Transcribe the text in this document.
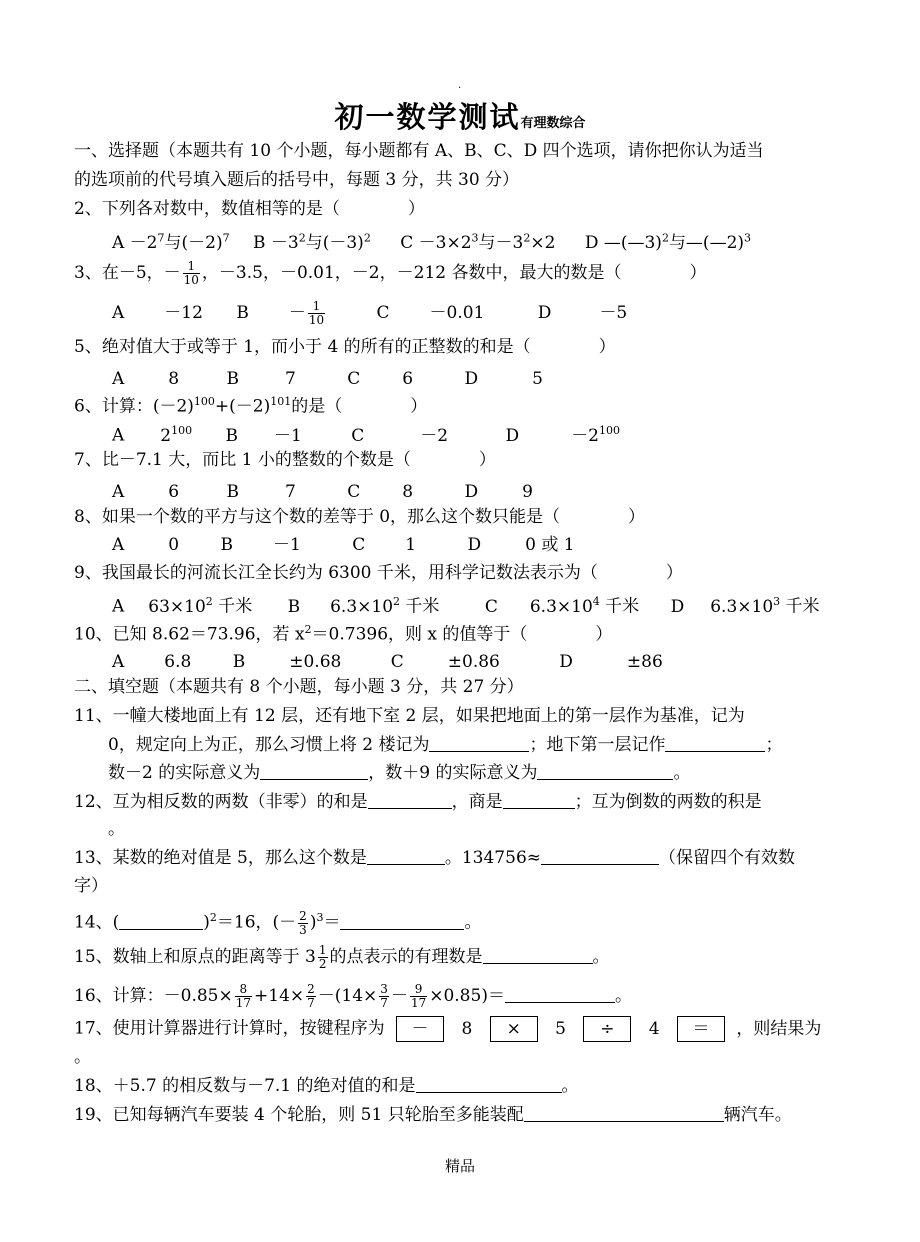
.
初一数学测试有理数综合
一、选择题（本题共有 10 个小题，每小题都有 A、B、C、D 四个选项，请你把你认为适当
的选项前的代号填入题后的括号中，每题 3 分，共 30 分）
2、下列各对数中，数值相等的是（　　　　）
$A -2^7$与$(-2)^7$ $B -3^2$与$(-3)^2$ $C -3\times 2^3$与$-3^2\times 2$ D —(—3)$^2$与—(—2)$^3$
3、在－5，－ $\frac{1}{10}$ ，－3.5，－0.01，－2，－212 各数中，最大的数是（　　　　）
A －12 $B - \frac{1}{10}$	C －0.01	D	－5
5、绝对值大于或等于 1，而小于 4 的所有的正整数的和是（　　　　）
A	8	B	7	C 6	D	5
6、计算：$(-2)^{100}+(-2)^{101}$的是（　　　　）
A $2^{100}$ B －1	C	－2	D	$-2^{100}$
7、比－7.1 大，而比 1 小的整数的个数是（　　　　）
A	6	B	7	C 8	D	9
8、如果一个数的平方与这个数的差等于 0，那么这个数只能是（　　　　）
A	0 B －1	C 1	D	0 或 1
9、我国最长的河流长江全长约为 6300 千米，用科学记数法表示为（　　　　）
A $63\times 10^2$ 千米 B $6.3\times 10^2$ 千米	C $6.3\times 10^4$ 千米 D $6.3\times 10^3$ 千米
10、已知 8.62＝73.96，若 $x^2=0.7396$，则 x 的值等于（　　　　）
A 6.8 B	±0.68	C	±0.86	D	±86
二、填空题（本题共有 8 个小题，每小题 3 分，共 27 分）
11、一幢大楼地面上有 12 层，还有地下室 2 层，如果把地面上的第一层作为基准，记为
0，规定向上为正，那么习惯上将 2 楼记为	；地下第一层记作	；
数－2 的实际意义为	，数＋9 的实际意义为	。
12、互为相反数的两数（非零）的和是	，商是	；互为倒数的两数的积是
。
13、某数的绝对值是 5，那么这个数是	。134756≈	（保留四个有效数
字）
14、(	)$^2$＝16，(－ $\frac{2}{3} )^3=$	。
15、数轴上和原点的距离等于 $3 \frac{1}{2}$ 的点表示的有理数是	。
16、计算：$-0.85\times \frac{8}{17} +14\times \frac{2}{7} -(14\times \frac{3}{7} - \frac{9}{17} \times 0.85)=$	。
17、使用计算器进行计算时，按键程序为 － 8 × 5 ÷ 4 ＝ ，则结果为
。
18、＋5.7 的相反数与－7.1 的绝对值的和是	。
19、已知每辆汽车要装 4 个轮胎，则 51 只轮胎至多能装配	辆汽车。
精品
